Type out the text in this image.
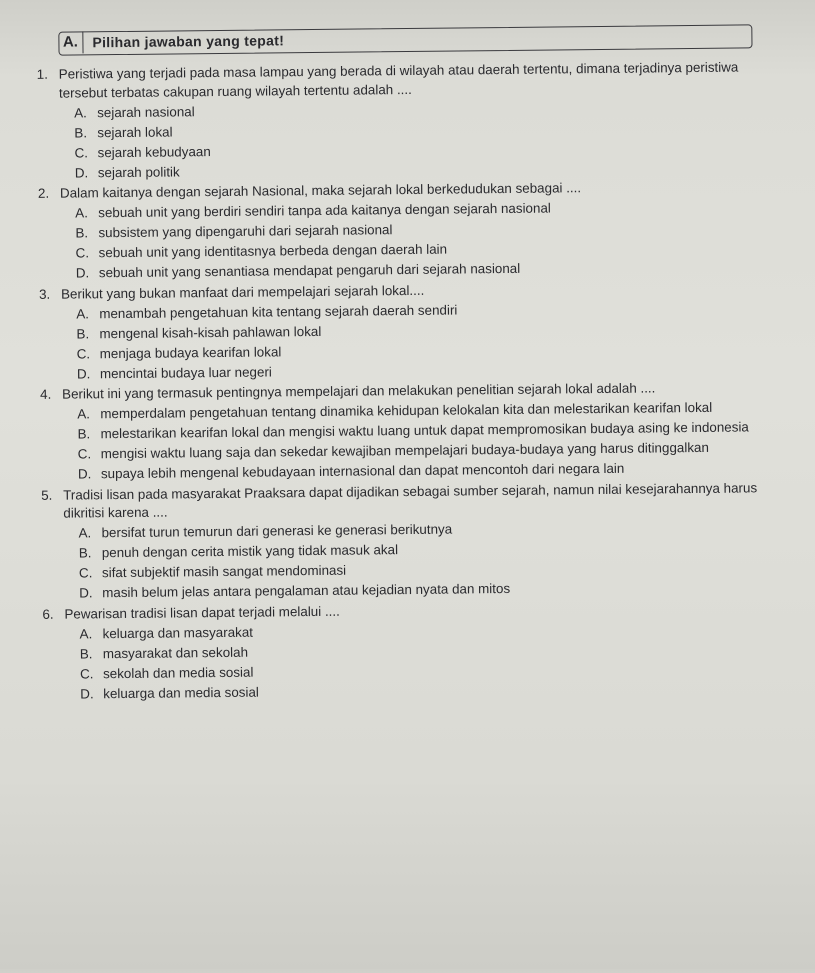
A.	Pilihan jawaban yang tepat!
1. Peristiwa yang terjadi pada masa lampau yang berada di wilayah atau daerah tertentu, dimana terjadinya peristiwa tersebut terbatas cakupan ruang wilayah tertentu adalah ....
A. sejarah nasional
B. sejarah lokal
C. sejarah kebudyaan
D. sejarah politik
2. Dalam kaitanya dengan sejarah Nasional, maka sejarah lokal berkedudukan sebagai ....
A. sebuah unit yang berdiri sendiri tanpa ada kaitanya dengan sejarah nasional
B. subsistem yang dipengaruhi dari sejarah nasional
C. sebuah unit yang identitasnya berbeda dengan daerah lain
D. sebuah unit yang senantiasa mendapat pengaruh dari sejarah nasional
3. Berikut yang bukan manfaat dari mempelajari sejarah lokal....
A. menambah pengetahuan kita tentang sejarah daerah sendiri
B. mengenal kisah-kisah pahlawan lokal
C. menjaga budaya kearifan lokal
D. mencintai budaya luar negeri
4. Berikut ini yang termasuk pentingnya mempelajari dan melakukan penelitian sejarah lokal adalah ....
A. memperdalam pengetahuan tentang dinamika kehidupan kelokalan kita dan melestarikan kearifan lokal
B. melestarikan kearifan lokal dan mengisi waktu luang untuk dapat mempromosikan budaya asing ke indonesia
C. mengisi waktu luang saja dan sekedar kewajiban mempelajari budaya-budaya yang harus ditinggalkan
D. supaya lebih mengenal kebudayaan internasional dan dapat mencontoh dari negara lain
5. Tradisi lisan pada masyarakat Praaksara dapat dijadikan sebagai sumber sejarah, namun nilai kesejarahannya harus dikritisi karena ....
A. bersifat turun temurun dari generasi ke generasi berikutnya
B. penuh dengan cerita mistik yang tidak masuk akal
C. sifat subjektif masih sangat mendominasi
D. masih belum jelas antara pengalaman atau kejadian nyata dan mitos
6. Pewarisan tradisi lisan dapat terjadi melalui ....
A. keluarga dan masyarakat
B. masyarakat dan sekolah
C. sekolah dan media sosial
D. keluarga dan media sosial
